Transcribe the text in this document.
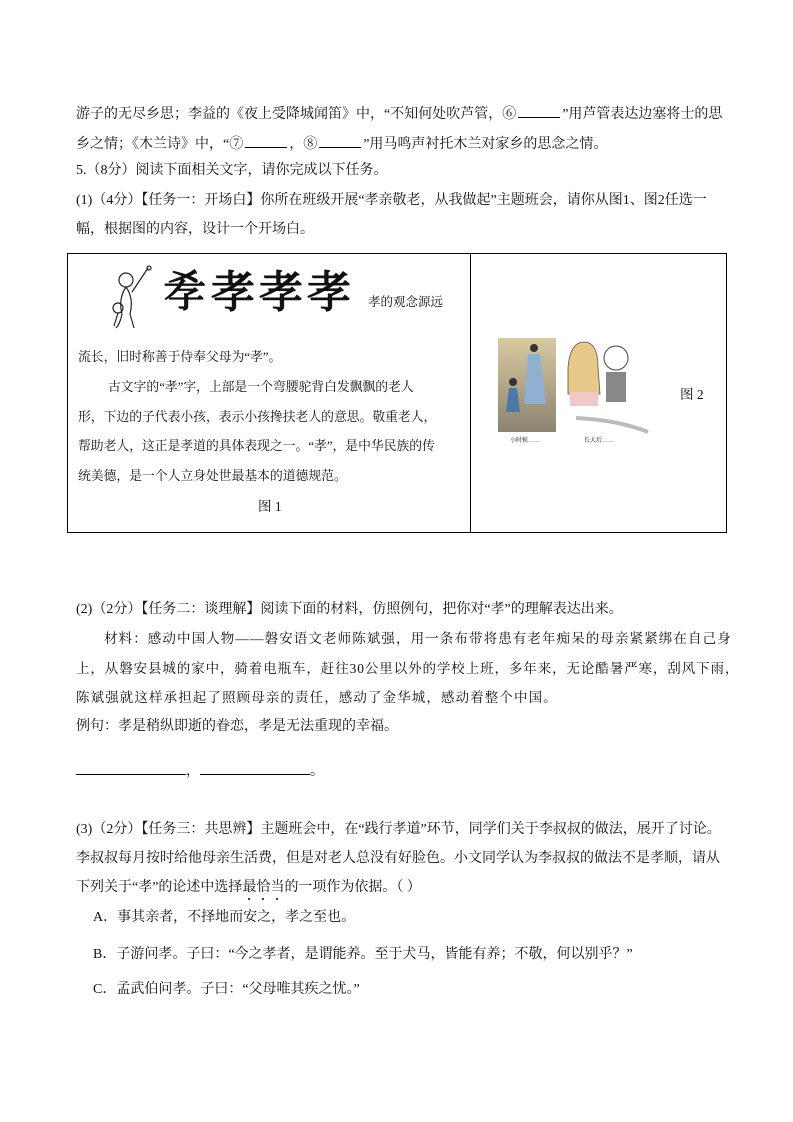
游子的无尽乡思；李益的《夜上受降城闻笛》中，“不知何处吹芦管，⑥	”用芦管表达边塞将士的思
乡之情；《木兰诗》中，“⑦	，⑧	”用马鸣声衬托木兰对家乡的思念之情。
5.（8分）阅读下面相关文字，请你完成以下任务。
(1)（4分）【任务一：开场白】你所在班级开展“孝亲敬老，从我做起”主题班会，请你从图1、图2任选一
幅，根据图的内容，设计一个开场白。
𡥉 孝 孝 孝 孝的观念源远
流长，旧时称善于侍奉父母为“孝”。
古文字的“孝”字，上部是一个弯腰驼背白发飘飘的老人
形，下边的子代表小孩，表示小孩搀扶老人的意思。敬重老人，
帮助老人，这正是孝道的具体表现之一。“孝”，是中华民族的传
统美德，是一个人立身处世最基本的道德规范。
图 1
小时候……	长大后……
图 2
(2)（2分）【任务二：谈理解】阅读下面的材料，仿照例句，把你对“孝”的理解表达出来。
材料：感动中国人物——磐安语文老师陈斌强，用一条布带将患有老年痴呆的母亲紧紧绑在自己身
上，从磐安县城的家中，骑着电瓶车，赶往30公里以外的学校上班，多年来，无论酷暑严寒，刮风下雨，
陈斌强就这样承担起了照顾母亲的责任，感动了金华城，感动着整个中国。
例句：孝是稍纵即逝的眷恋，孝是无法重现的幸福。
，	。
(3)（2分）【任务三：共思辨】主题班会中，在“践行孝道”环节，同学们关于李叔叔的做法，展开了讨论。
李叔叔每月按时给他母亲生活费，但是对老人总没有好脸色。小文同学认为李叔叔的做法不是孝顺，请从
下列关于“孝”的论述中选择最恰当的一项作为依据。（ ）
A．事其亲者，不择地而安之，孝之至也。
B．子游问孝。子曰：“今之孝者，是谓能养。至于犬马，皆能有养；不敬，何以别乎？”
C．孟武伯问孝。子曰：“父母唯其疾之忧。”
